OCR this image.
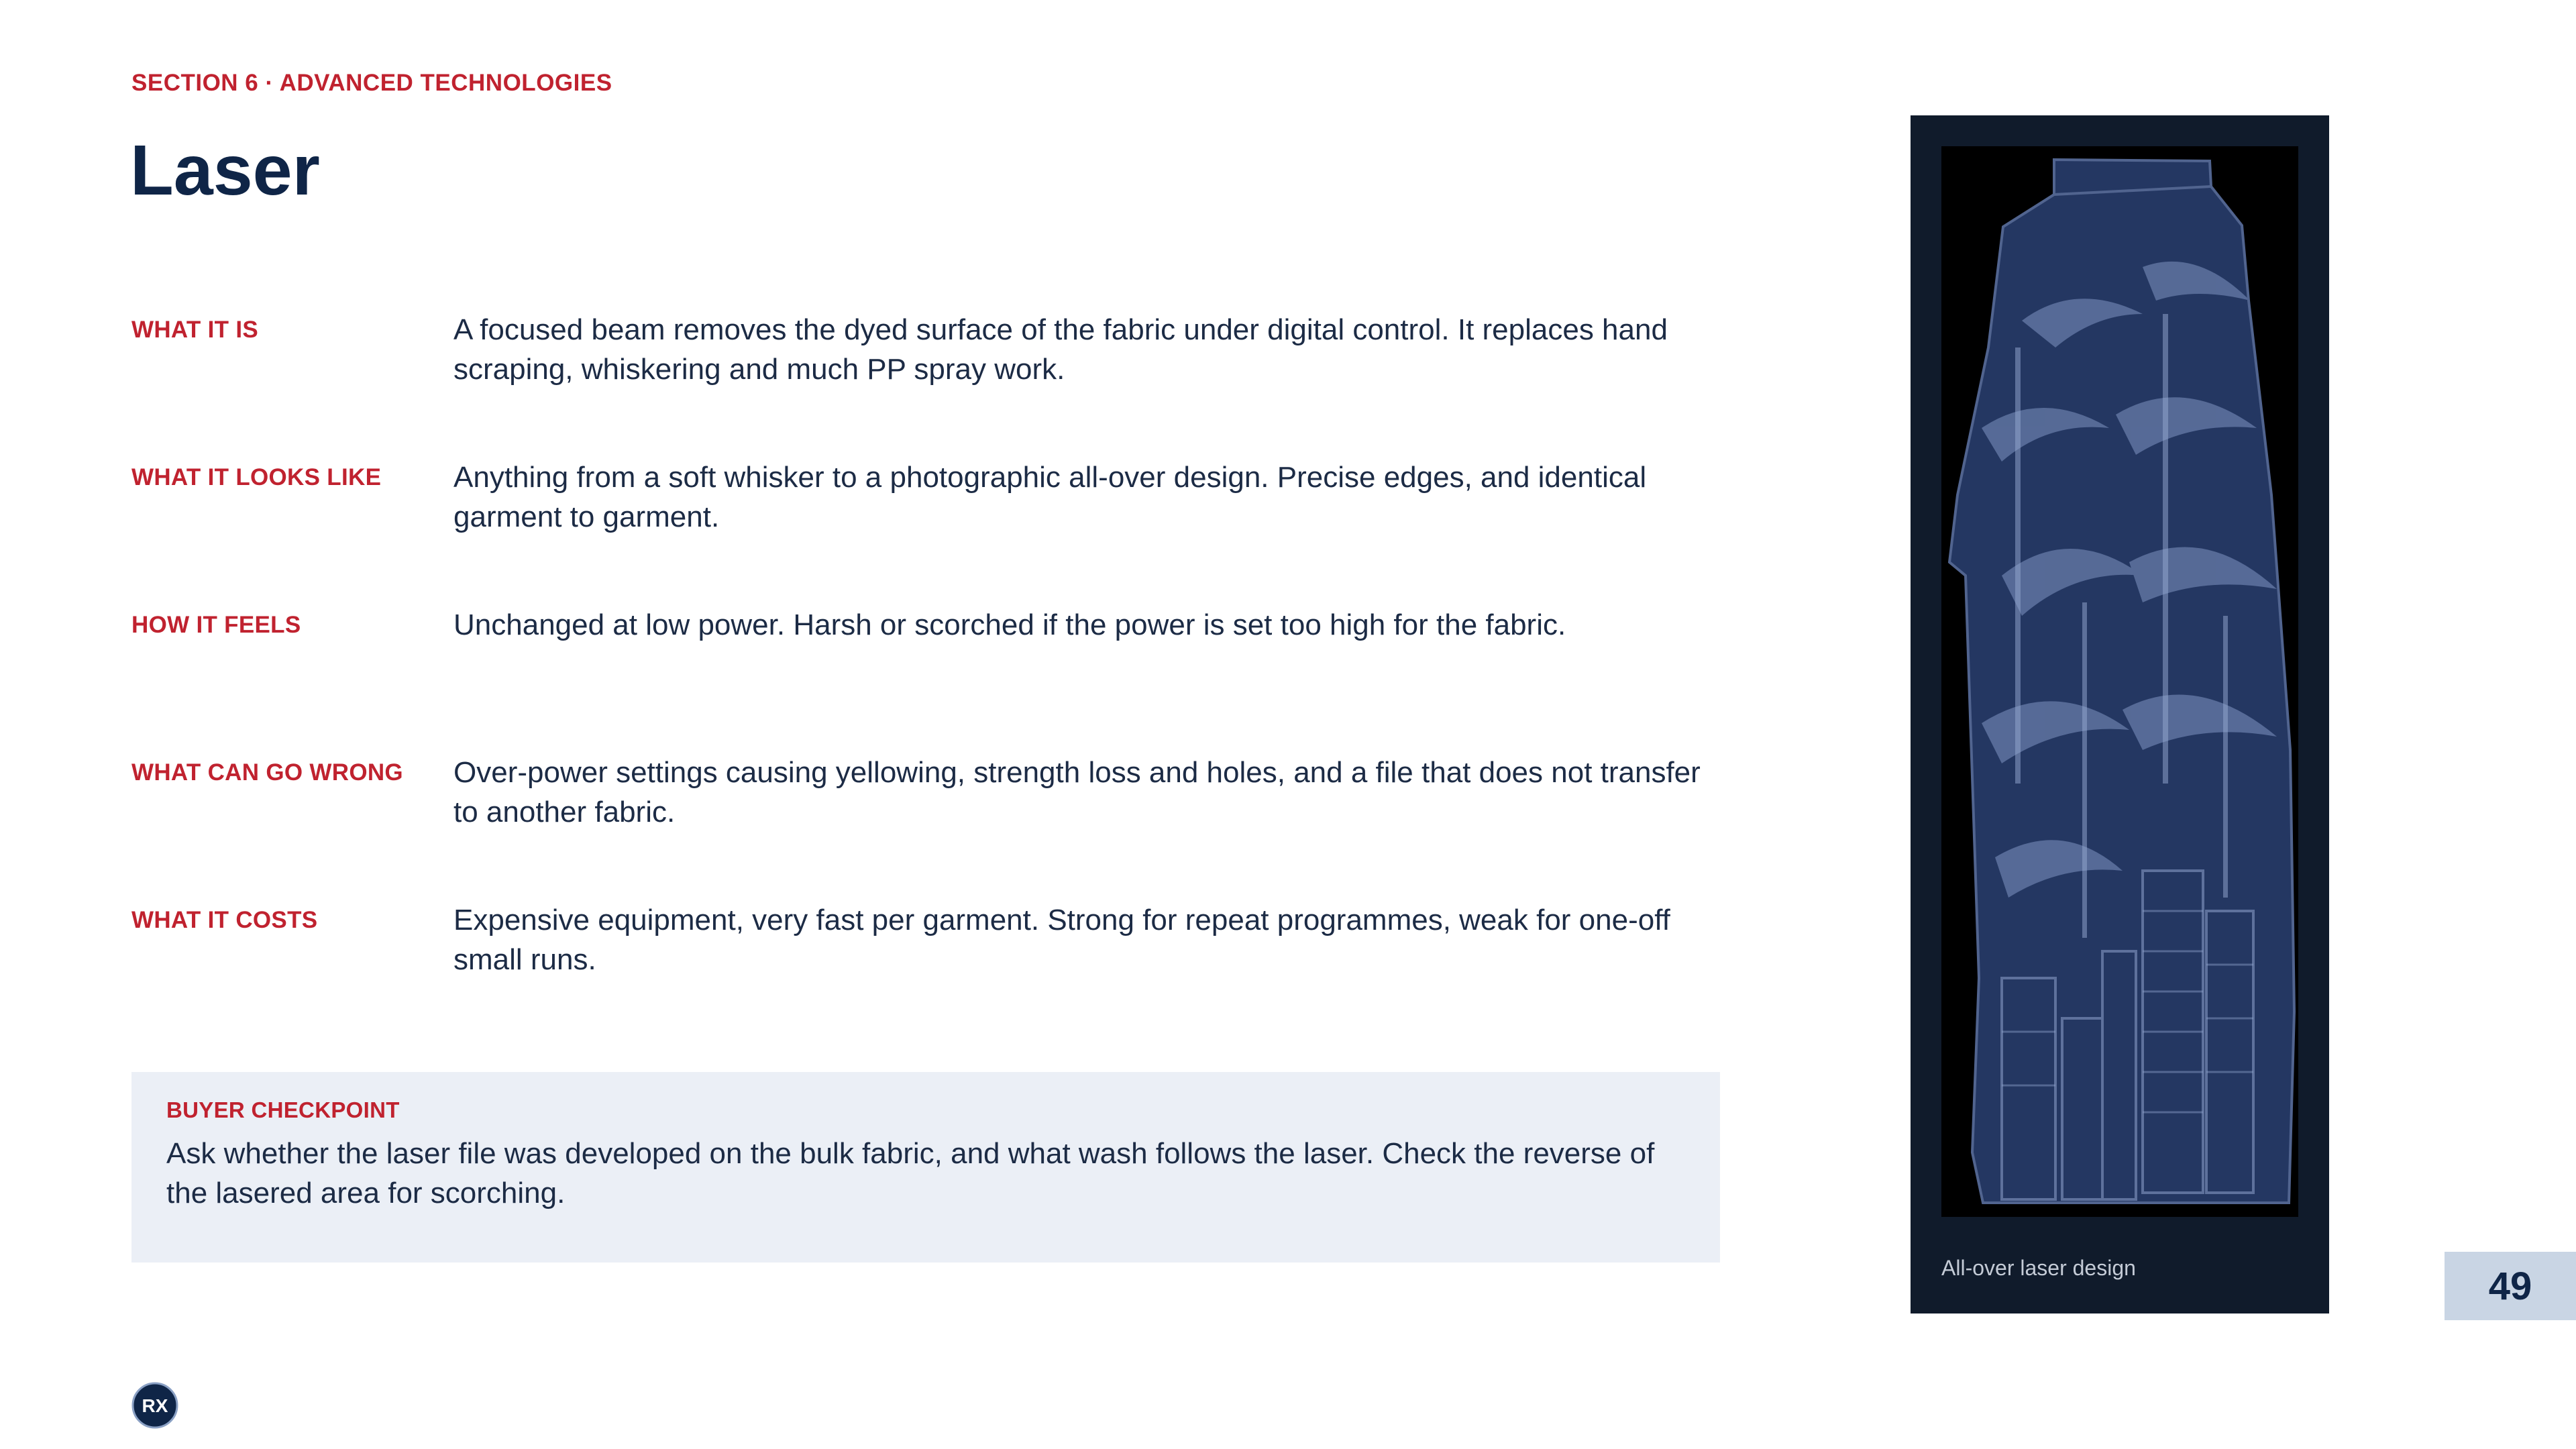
SECTION 6 · ADVANCED TECHNOLOGIES
Laser
WHAT IT IS	A focused beam removes the dyed surface of the fabric under digital control. It replaces hand scraping, whiskering and much PP spray work.
WHAT IT LOOKS LIKE	Anything from a soft whisker to a photographic all-over design. Precise edges, and identical garment to garment.
HOW IT FEELS	Unchanged at low power. Harsh or scorched if the power is set too high for the fabric.
WHAT CAN GO WRONG	Over-power settings causing yellowing, strength loss and holes, and a file that does not transfer to another fabric.
WHAT IT COSTS	Expensive equipment, very fast per garment. Strong for repeat programmes, weak for one-off small runs.
BUYER CHECKPOINT
Ask whether the laser file was developed on the bulk fabric, and what wash follows the laser. Check the reverse of the lasered area for scorching.
All-over laser design	49
RX
